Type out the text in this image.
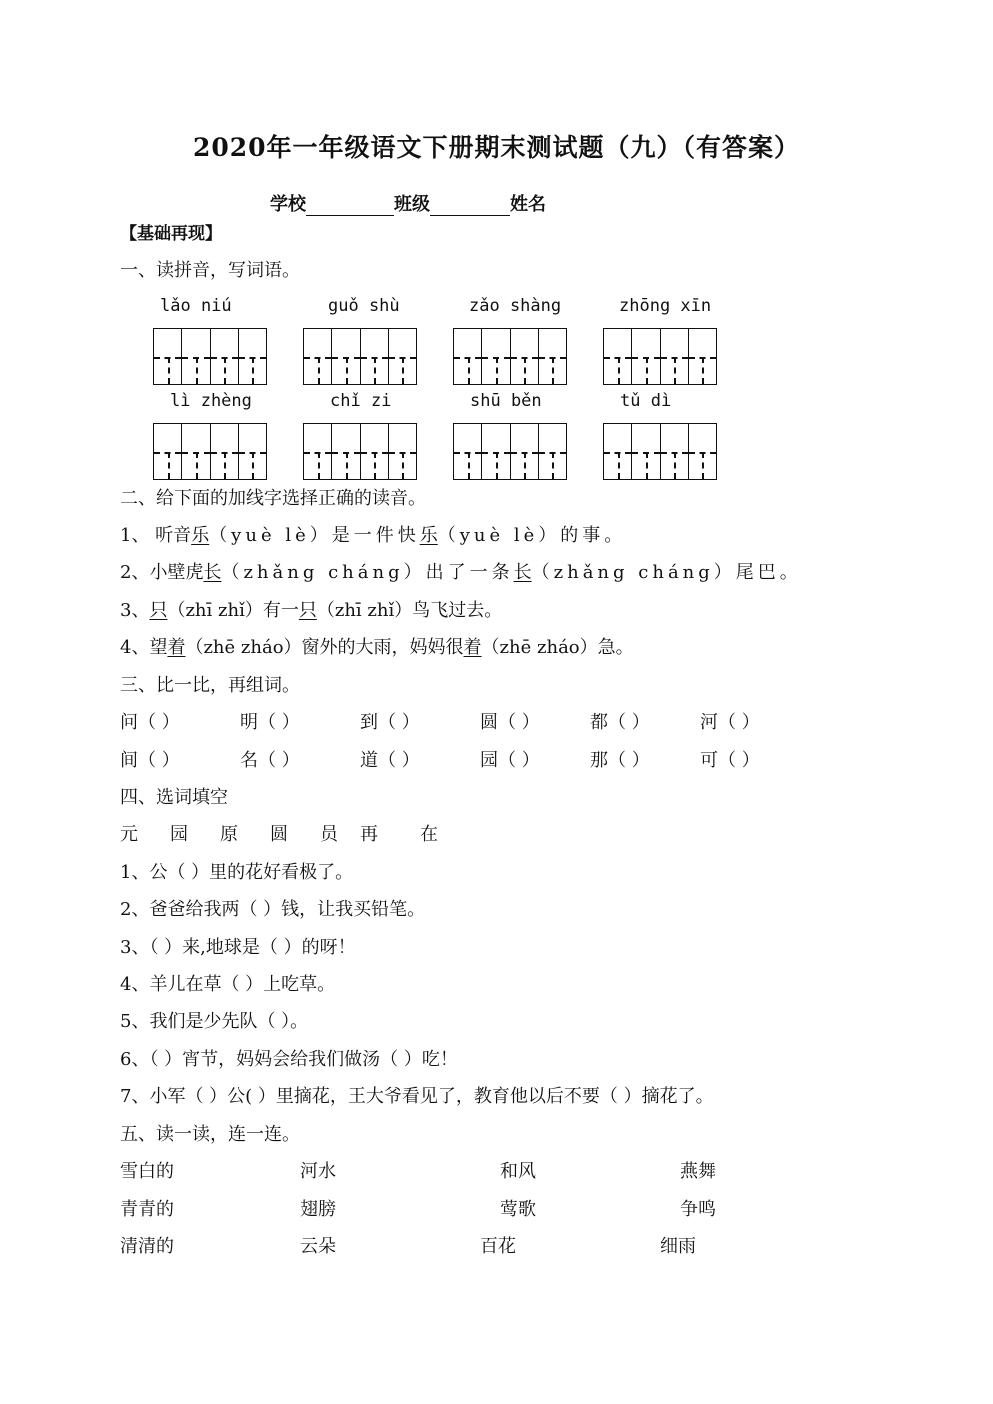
2020年一年级语文下册期末测试题（九）（有答案）
学校	班级	姓名
【基础再现】
一、读拼音，写词语。
lǎo niú	guǒ shù	zǎo shàng	zhōng xīn
lì zhèng	chǐ zi	shū běn	tǔ dì
二、给下面的加线字选择正确的读音。
1、 听音乐（yuè lè）是一件快乐（yuè lè）的事。
2、小壁虎长（zhǎng cháng）出了一条长（zhǎng cháng）尾巴。
3、只（zhī zhǐ）有一只（zhī zhǐ）鸟飞过去。
4、望着（zhē zháo）窗外的大雨，妈妈很着（zhē zháo）急。
三、比一比，再组词。
问（ ）	明（ ）	到（ ）	圆（ ）	都（ ）	河（ ）
间（ ）	名（ ）	道（ ）	园（ ）	那（ ）	可（ ）
四、选词填空
元 园 原 圆 员 再 在
1、公（ ）里的花好看极了。
2、爸爸给我两（ ）钱，让我买铅笔。
3、（ ）来,地球是（ ）的呀！
4、羊儿在草（ ）上吃草。
5、我们是少先队（ ）。
6、（ ）宵节，妈妈会给我们做汤（ ）吃！
7、小军（ ）公( ）里摘花，王大爷看见了，教育他以后不要（ ）摘花了。
五、读一读，连一连。
雪白的	河水	和风	燕舞
青青的	翅膀	莺歌	争鸣
清清的	云朵	百花	细雨
